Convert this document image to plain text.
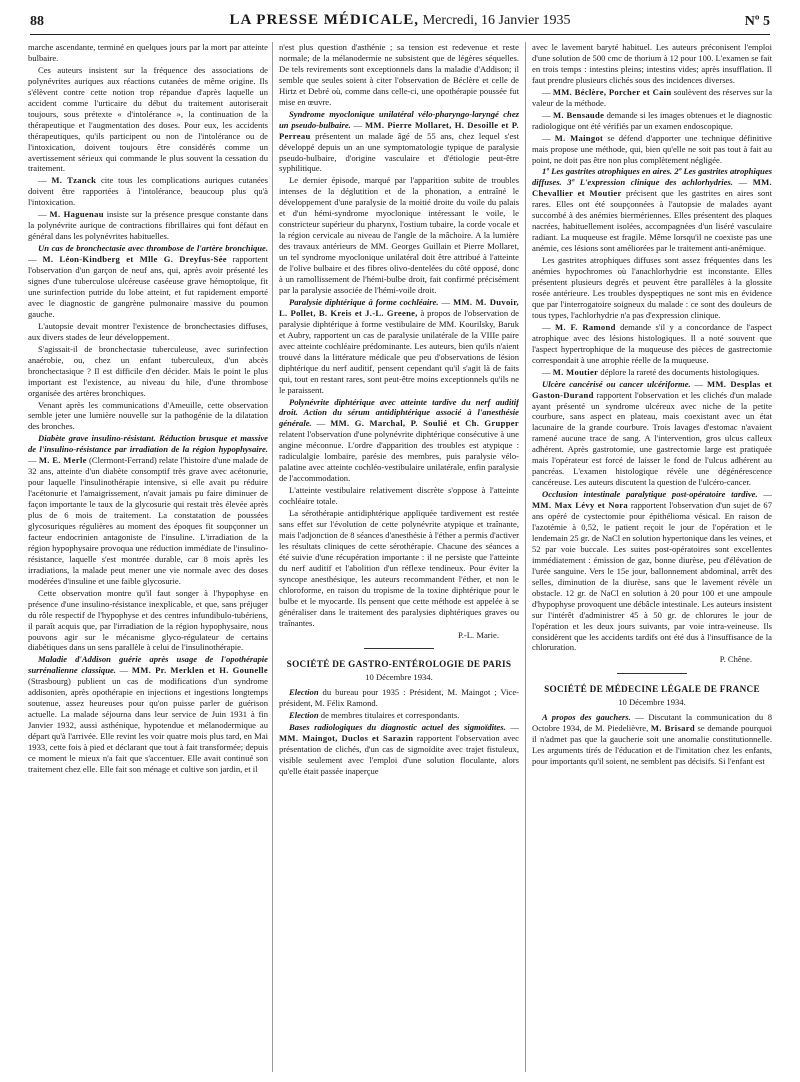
88	LA PRESSE MÉDICALE, Mercredi, 16 Janvier 1935	Nº 5

marche ascendante, terminé en quelques jours par la mort par atteinte bulbaire.

Ces auteurs insistent sur la fréquence des associations de polynévrites auriques aux réactions cutanées de même origine. Ils s'élèvent contre cette notion trop répandue d'après laquelle un accident comme l'urticaire du début du traitement autoriserait toujours, sous prétexte « d'intolérance », la continuation de la thérapeutique et l'augmentation des doses. Pour eux, les accidents thérapeutiques, qu'ils participent ou non de l'intolérance ou de l'intoxication, doivent toujours être considérés comme un avertissement sérieux qui commande le plus souvent la cessation du traitement.

— M. Tzanck cite tous les complications auriques cutanées doivent être rapportées à l'intolérance, beaucoup plus qu'à l'intoxication.

— M. Haguenau insiste sur la présence presque constante dans la polynévrite aurique de contractions fibrillaires qui font défaut en général dans les polynévrites habituelles.

Un cas de bronchectasie avec thrombose de l'artère bronchique. — M. Léon-Kindberg et Mlle G. Dreyfus-Sée rapportent l'observation d'un garçon de neuf ans, qui, après avoir présenté les signes d'une tuberculose ulcéreuse caséeuse grave hémoptoïque, fit une surinfection putride du lobe atteint, et fut rapidement emporté avec le diagnostic de gangrène pulmonaire massive du poumon gauche.

L'autopsie devait montrer l'existence de bronchectasies diffuses, aux divers stades de leur développement.

S'agissait-il de bronchectasie tuberculeuse, avec surinfection anaérobie, ou, chez un enfant tuberculeux, d'un abcès bronchectasique ? Il est difficile d'en décider. Mais le point le plus important est l'existence, au niveau du hile, d'une thrombose organisée des artères bronchiques.

Venant après les communications d'Ameuille, cette observation semble jeter une lumière nouvelle sur la pathogénie de la dilatation des bronches.

Diabète grave insulino-résistant. Réduction brusque et massive de l'insulino-résistance par irradiation de la région hypophysaire. — M. E. Merle (Clermont-Ferrand) relate l'histoire d'une malade de 32 ans, atteinte d'un diabète consomptif très grave avec acétonurie, pour laquelle l'insulinothérapie intensive, si elle avait pu réduire l'acétonurie et l'amaigrissement, n'avait jamais pu faire diminuer de façon importante le taux de la glycosurie qui restait très élevée après plus de 6 mois de traitement. La constatation de poussées glycosuriques régulières au moment des époques fit soupçonner un facteur endocrinien antagoniste de l'insuline. L'irradiation de la région hypophysaire provoqua une réduction immédiate de l'insulino-résistance, laquelle s'est montrée durable, car 8 mois après les irradiations, la malade peut mener une vie normale avec des doses modérées d'insuline et une faible glycosurie.

Cette observation montre qu'il faut songer à l'hypophyse en présence d'une insulino-résistance inexplicable, et que, sans préjuger du rôle respectif de l'hypophyse et des centres infundibulo-tubériens, il paraît acquis que, par l'irradiation de la région hypophysaire, nous pouvons agir sur le mécanisme glyco-régulateur de certains diabétiques dans un sens parallèle à celui de l'insulinothérapie.

Maladie d'Addison guérie après usage de l'opothérapie surrénalienne classique. — MM. Pr. Merklen et H. Gounelle (Strasbourg) publient un cas de modifications d'un syndrome addisonien, après opothérapie en injections et ingestions longtemps soutenue, assez heureuses pour qu'on puisse parler de guérison actuelle. La malade séjourna dans leur service de Juin 1931 à fin Janvier 1932, aussi asthénique, hypotendue et mélanodermique au départ qu'à l'arrivée. Elle revint les voir quatre mois plus tard, en Mai 1933, cette fois à pied et déclarant que tout à fait transformée; depuis ce moment le mieux n'a fait que s'accentuer. Elle avait continué son traitement chez elle. Elle fait son ménage et cultive son jardin, et il

n'est plus question d'asthénie ; sa tension est redevenue et reste normale; de la mélanodermie ne subsistent que de légères séquelles. De tels revirements sont exceptionnels dans la maladie d'Addison; il semble que seules soient à citer l'observation de Béclère et celle de Hirtz et Debré où, comme dans celle-ci, une opothérapie poussée fut mise en œuvre.

Syndrome myoclonique unilatéral vélo-pharyngo-laryngé chez un pseudo-bulbaire. — MM. Pierre Mollaret, H. Desoille et P. Perreau présentent un malade âgé de 55 ans, chez lequel s'est développé depuis un an une symptomatologie typique de paralysie pseudo-bulbaire, d'origine vasculaire et d'étiologie peut-être syphilitique.

Le dernier épisode, marqué par l'apparition subite de troubles intenses de la déglutition et de la phonation, a entraîné le développement d'une paralysie de la moitié droite du voile du palais et d'un hémi-syndrome myoclonique intéressant le voile, le constricteur supérieur du pharynx, l'ostium tubaire, la corde vocale et la région cervicale au niveau de l'angle de la mâchoire. A la lumière des travaux antérieurs de MM. Georges Guillain et Pierre Mollaret, un tel syndrome myoclonique unilatéral doit être attribué à l'atteinte de l'olive bulbaire et des fibres olivo-dentelées du côté opposé, donc à un ramollissement de l'hémi-bulbe droit, fait confirmé précisément par la paralysie associée de l'hémi-voile droit.

Paralysie diphtérique à forme cochléaire. — MM. M. Duvoir, L. Pollet, B. Kreis et J.-L. Greene, à propos de l'observation de paralysie diphtérique à forme vestibulaire de MM. Kourilsky, Baruk et Aubry, rapportent un cas de paralysie unilatérale de la VIIIe paire avec atteinte cochléaire prédominante. Les auteurs, bien qu'ils n'aient trouvé dans la littérature médicale que peu d'observations de lésion diphtérique du nerf auditif, pensent cependant qu'il s'agit là de faits qui, tout en restant rares, sont peut-être moins exceptionnels qu'ils ne le paraissent.

Polynévrite diphtérique avec atteinte tardive du nerf auditif droit. Action du sérum antidiphtérique associé à l'anesthésie générale. — MM. G. Marchal, P. Soulié et Ch. Grupper relatent l'observation d'une polynévrite diphtérique consécutive à une angine méconnue. L'ordre d'apparition des troubles est atypique : radiculalgie lombaire, parésie des membres, puis paralysie vélo-palatine avec atteinte cochléo-vestibulaire unilatérale, enfin paralysie de l'accommodation.

L'atteinte vestibulaire relativement discrète s'oppose à l'atteinte cochléaire totale.

La sérothérapie antidiphtérique appliquée tardivement est restée sans effet sur l'évolution de cette polynévrite atypique et traînante, mais l'adjonction de 8 séances d'anesthésie à l'éther a permis d'activer les résultats cliniques de cette sérothérapie. Chacune des séances a été suivie d'une récupération importante : il ne persiste que l'atteinte du nerf auditif et l'abolition d'un réflexe tendineux. Pour éviter la syncope anesthésique, les auteurs recommandent l'éther, et non le chloroforme, en raison du tropisme de la toxine diphtérique pour le bulbe et le myocarde. Ils pensent que cette méthode est appelée à se généraliser dans le traitement des paralysies diphtériques graves ou traînantes.

P.-L. Marie.
SOCIÉTÉ DE GASTRO-ENTÉROLOGIE DE PARIS
10 Décembre 1934.

Election du bureau pour 1935 : Président, M. Maingot ; Vice-président, M. Félix Ramond.

Election de membres titulaires et correspondants.

Bases radiologiques du diagnostic actuel des sigmoïdites. — MM. Maingot, Duclos et Sarazin rapportent l'observation avec présentation de clichés, d'un cas de sigmoïdite avec trajet fistuleux, visible seulement avec l'emploi d'une solution floculante, alors qu'elle était passée inaperçue

avec le lavement baryté habituel. Les auteurs préconisent l'emploi d'une solution de 500 cmc de thorium à 12 pour 100. L'examen se fait en trois temps : intestins pleins; intestins vides; après insufflation. Il faut prendre plusieurs clichés sous des incidences diverses.

— MM. Béclère, Porcher et Cain soulèvent des réserves sur la valeur de la méthode.

— M. Bensaude demande si les images obtenues et le diagnostic radiologique ont été vérifiés par un examen endoscopique.

— M. Maingot se défend d'apporter une technique définitive mais propose une méthode, qui, bien qu'elle ne soit pas tout à fait au point, ne doit pas être non plus complètement négligée.

1º Les gastrites atrophiques en aires. 2º Les gastrites atrophiques diffuses. 3º L'expression clinique des achlorhydries. — MM. Chevallier et Moutier précisent que les gastrites en aires sont rares. Elles ont été soupçonnées à l'autopsie de malades ayant succombé à des anémies biermériennes. Elles présentent des plaques nacrées, habituellement isolées, accompagnées d'un liséré vasculaire radiant. La muqueuse est fragile. Même lorsqu'il ne coexiste pas une anémie, ces lésions sont améliorées par le traitement anti-anémique.

Les gastrites atrophiques diffuses sont assez fréquentes dans les anémies hypochromes où l'anachlorhydrie est inconstante. Elles présentent plusieurs degrés et peuvent être parallèles à la glossite rosée antérieure. Les troubles dyspeptiques ne sont mis en évidence que par l'interrogatoire soigneux du malade : ce sont des douleurs de tous types, l'achlorhydrie n'a pas d'expression clinique.

— M. F. Ramond demande s'il y a concordance de l'aspect atrophique avec des lésions histologiques. Il a noté souvent que l'aspect hypertrophique de la muqueuse des pièces de gastrectomie correspondait à une atrophie réelle de la muqueuse.

— M. Moutier déplore la rareté des documents histologiques.

Ulcère cancérisé ou cancer ulcériforme. — MM. Desplas et Gaston-Durand rapportent l'observation et les clichés d'un malade ayant présenté un syndrome ulcéreux avec niche de la petite courbure, sans aspect en plateau, mais coexistant avec un état lacunaire de la grande courbure. Trois lavages d'estomac n'avaient ramené aucune trace de sang. A l'intervention, gros ulcus calleux adhérent. Après gastrotomie, une gastrectomie large est pratiquée mais l'opérateur est forcé de laisser le fond de l'ulcus adhérent au pancréas. L'examen histologique révèle une dégénérescence cancéreuse. Les auteurs discutent la question de l'ulcéro-cancer.

Occlusion intestinale paralytique post-opératoire tardive. — MM. Max Lévy et Nora rapportent l'observation d'un sujet de 67 ans opéré de cystectomie pour épithélioma vésical. En raison de l'azotémie à 0,52, le patient reçoit le jour de l'opération et le lendemain 25 gr. de NaCl en solution hypertonique dans les veines, et 52 par voie buccale. Les suites post-opératoires sont excellentes immédiatement : émission de gaz, bonne diurèse, peu d'élévation de l'urée sanguine. Vers le 15e jour, ballonnement abdominal, arrêt des selles, diminution de la diurèse, sans que le lavement révèle un obstacle. 12 gr. de NaCl en solution à 20 pour 100 et une ampoule d'hypophyse provoquent une débâcle intestinale. Les auteurs insistent sur l'intérêt d'administrer 45 à 50 gr. de chlorures le jour de l'opération et les deux jours suivants, par voie intra-veineuse. Ils considèrent que les accidents tardifs ont été dus à l'insuffisance de la chloruration.

P. Chêne.
SOCIÉTÉ DE MÉDECINE LÉGALE DE FRANCE
10 Décembre 1934.

A propos des gauchers. — Discutant la communication du 8 Octobre 1934, de M. Piedelièvre, M. Brisard se demande pourquoi il n'admet pas que la gaucherie soit une anomalie constitutionnelle. Les arguments tirés de l'éducation et de l'imitation chez les enfants, pour importants qu'il soient, ne semblent pas décisifs. Si l'enfant est
